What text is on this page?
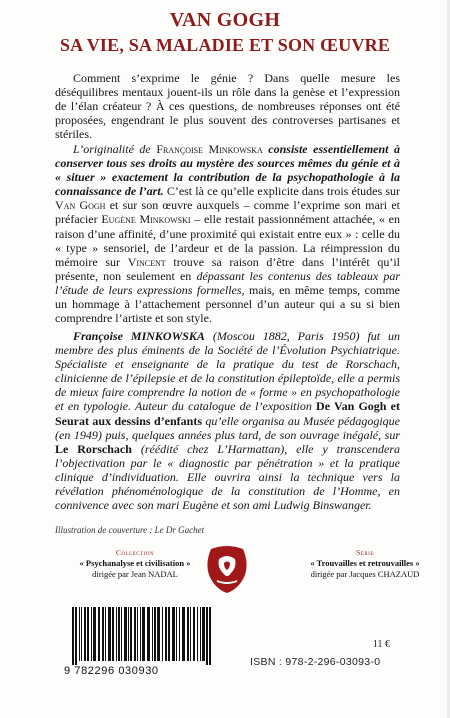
VAN GOGH
SA VIE, SA MALADIE ET SON ŒUVRE
Comment s’exprime le génie ? Dans quelle mesure les déséquilibres mentaux jouent-ils un rôle dans la genèse et l’expression de l’élan créateur ? À ces questions, de nombreuses réponses ont été proposées, engendrant le plus souvent des controverses partisanes et stériles.
L’originalité de Françoise Minkowska consiste essentiellement à conserver tous ses droits au mystère des sources mêmes du génie et à « situer » exactement la contribution de la psychopathologie à la connaissance de l’art. C’est là ce qu’elle explicite dans trois études sur Van Gogh et sur son œuvre auxquels – comme l’exprime son mari et préfacier Eugène Minkowski – elle restait passionnément attachée, « en raison d’une affinité, d’une proximité qui existait entre eux » : celle du « type » sensoriel, de l’ardeur et de la passion. La réimpression du mémoire sur Vincent trouve sa raison d’être dans l’intérêt qu’il présente, non seulement en dépassant les contenus des tableaux par l’étude de leurs expressions formelles, mais, en même temps, comme un hommage à l’attachement personnel d’un auteur qui a su si bien comprendre l’artiste et son style.
Françoise MINKOWSKA (Moscou 1882, Paris 1950) fut un membre des plus éminents de la Société de l’Évolution Psychiatrique. Spécialiste et enseignante de la pratique du test de Rorschach, clinicienne de l’épilepsie et de la constitution épileptoïde, elle a permis de mieux faire comprendre la notion de « forme » en psychopathologie et en typologie. Auteur du catalogue de l’exposition De Van Gogh et Seurat aux dessins d’enfants qu’elle organisa au Musée pédagogique (en 1949) puis, quelques années plus tard, de son ouvrage inégalé, sur Le Rorschach (réédité chez L’Harmattan), elle y transcendera l’objectivation par le « diagnostic par pénétration » et la pratique clinique d’individuation. Elle ouvrira ainsi la technique vers la révélation phénoménologique de la constitution de l’Homme, en connivence avec son mari Eugène et son ami Ludwig Binswanger.
Illustration de couverture : Le Dr Gachet
Collection
« Psychanalyse et civilisation »
dirigée par Jean NADAL
Série
« Trouvailles et retrouvailles »
dirigée par Jacques CHAZAUD
9 782296 030930
11 €
ISBN : 978-2-296-03093-0
